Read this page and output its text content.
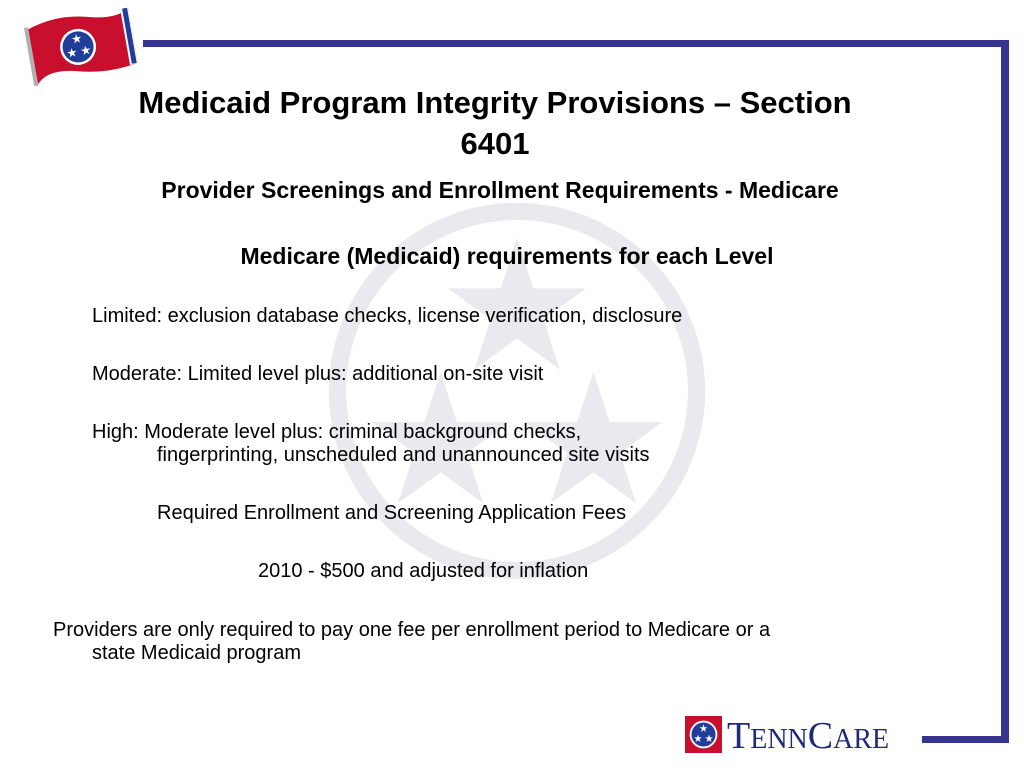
Medicaid Program Integrity Provisions – Section
6401
Provider Screenings and Enrollment Requirements - Medicare
Medicare (Medicaid) requirements for each Level

Limited: exclusion database checks, license verification, disclosure

Moderate: Limited level plus: additional on-site visit

High: Moderate level plus: criminal background checks,

fingerprinting, unscheduled and unannounced site visits

Required Enrollment and Screening Application Fees

2010 - $500 and adjusted for inflation

Providers are only required to pay one fee per enrollment period to Medicare or a

state Medicaid program

TENNCARE
